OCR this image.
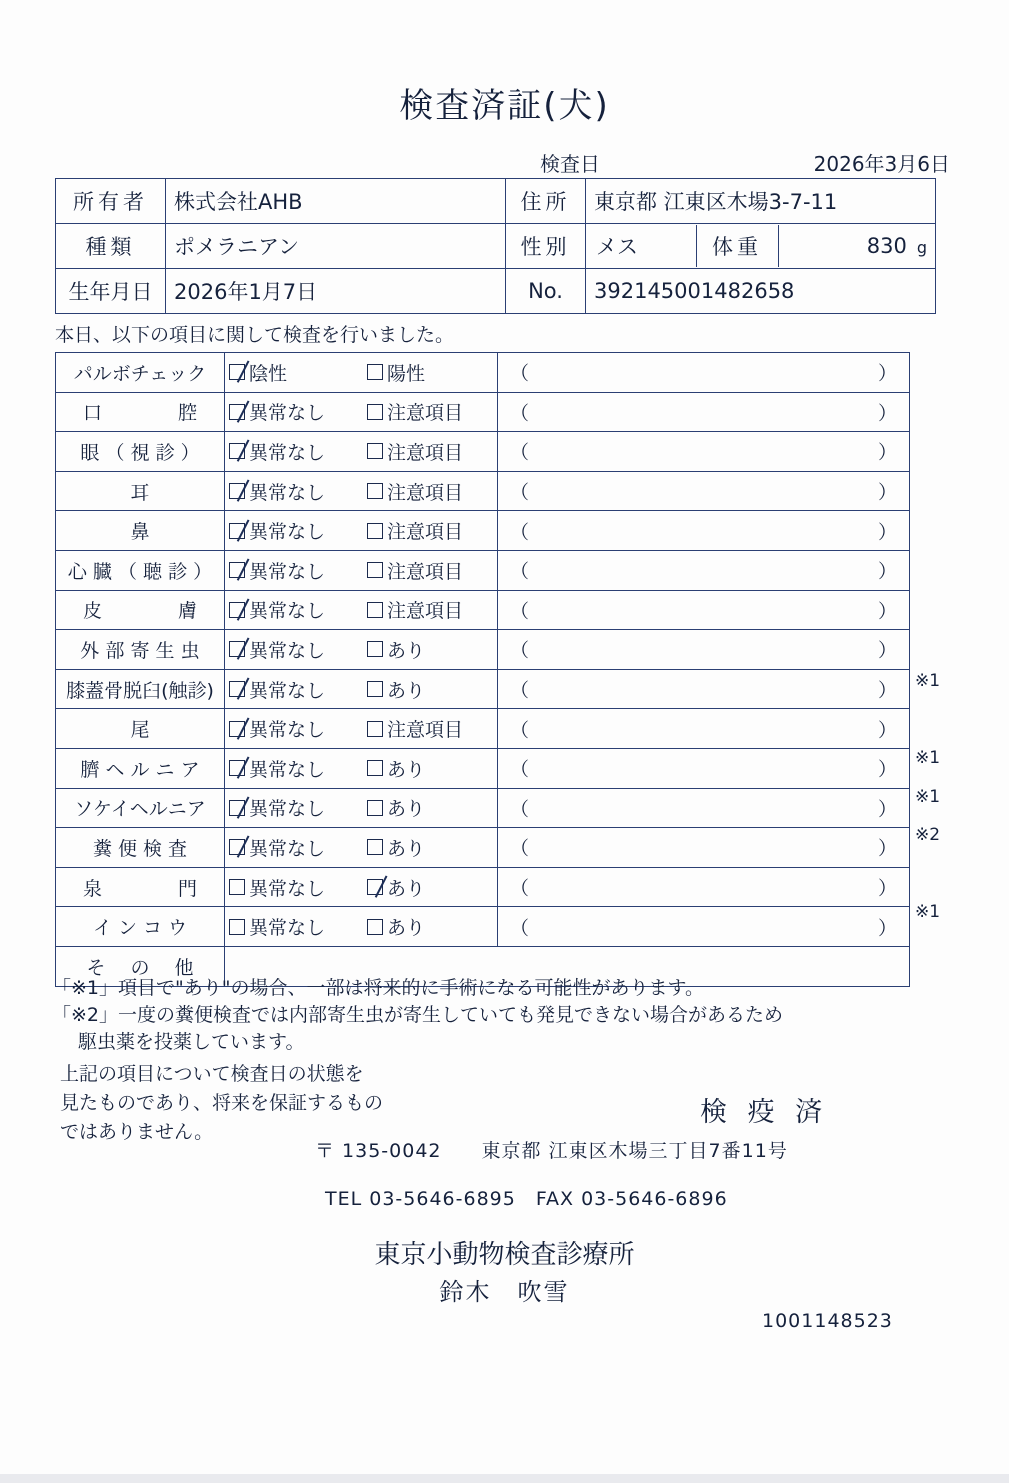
検査済証(犬)
検査日	2026年3月6日
所有者	株式会社AHB	住所	東京都 江東区木場3-7-11
種類	ポメラニアン	性別	メス	体重	830 g

生年月日	2026年1月7日	No.	392145001482658
本日、以下の項目に関して検査を行いました。
パルボチェック	陰性 陽性	（ ）

口　　　　腔	異常なし 注意項目	（ ）

眼 （ 視 診 ）	異常なし 注意項目	（ ）

耳	異常なし 注意項目	（ ）

鼻	異常なし 注意項目	（ ）

心 臓 （ 聴 診 ）	異常なし 注意項目	（ ）

皮　　　　膚	異常なし 注意項目	（ ）

外 部 寄 生 虫	異常なし あり	（ ）

膝蓋骨脱臼(触診)	異常なし あり	（ ）

尾	異常なし 注意項目	（ ）

臍 ヘ ル ニ ア	異常なし あり	（ ）

ソケイヘルニア	異常なし あり	（ ）

糞 便 検 査	異常なし あり	（ ）

泉　　　　門	異常なし あり	（ ）

イ ン コ ウ	異常なし あり	（ ）

そ　 の 　他		

「※1」項目で"あり"の場合、一部は将来的に手術になる可能性があります。
「※2」一度の糞便検査では内部寄生虫が寄生していても発見できない場合があるため
駆虫薬を投薬しています。
上記の項目について検査日の状態を
見たものであり、将来を保証するもの
ではありません。
検 疫 済
〒 135-0042　　東京都 江東区木場三丁目7番11号
TEL 03-5646-6895　FAX 03-5646-6896
東京小動物検査診療所
鈴木　吹雪
1001148523
※1
※1
※1
※2
※1
